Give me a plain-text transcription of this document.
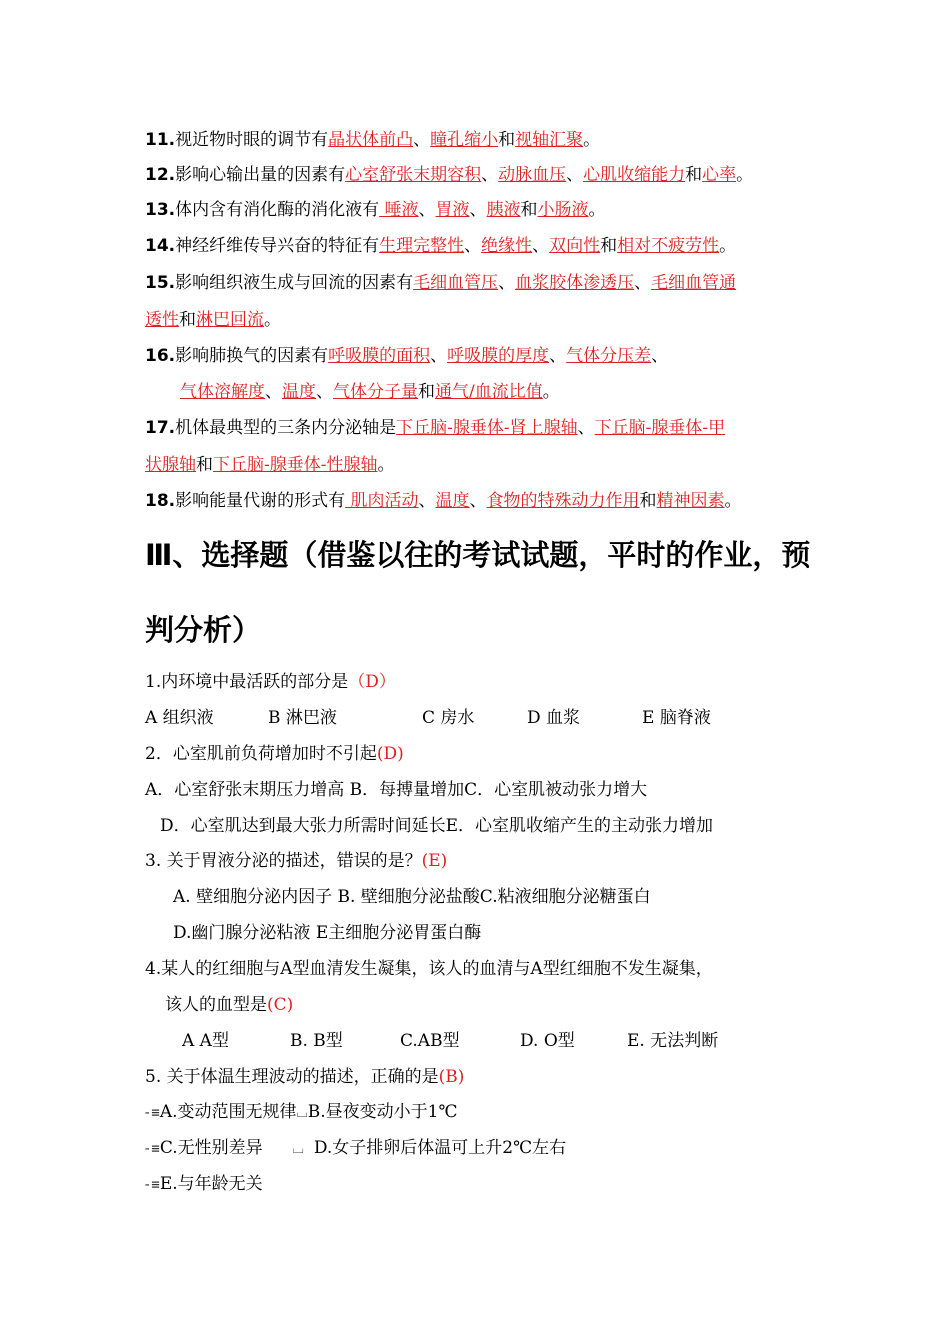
11.视近物时眼的调节有晶状体前凸、瞳孔缩小和视轴汇聚。
12.影响心输出量的因素有心室舒张末期容积、动脉血压、心肌收缩能力和心率。
13.体内含有消化酶的消化液有 唾液、胃液、胰液和小肠液。
14.神经纤维传导兴奋的特征有生理完整性、绝缘性、双向性和相对不疲劳性。
15.影响组织液生成与回流的因素有毛细血管压、血浆胶体渗透压、毛细血管通
透性和淋巴回流。
16.影响肺换气的因素有呼吸膜的面积、呼吸膜的厚度、气体分压差、
气体溶解度、温度、气体分子量和通气/血流比值。
17.机体最典型的三条内分泌轴是下丘脑-腺垂体-肾上腺轴、下丘脑-腺垂体-甲
状腺轴和下丘脑-腺垂体-性腺轴。
18.影响能量代谢的形式有 肌肉活动、温度、食物的特殊动力作用和精神因素。
Ⅲ、选择题（借鉴以往的考试试题，平时的作业，预
判分析）
1.内环境中最活跃的部分是（D）
A 组织液	B 淋巴液	C 房水	D 血浆	E 脑脊液
2．心室肌前负荷增加时不引起(D)
A．心室舒张末期压力增高 B．每搏量增加C．心室肌被动张力增大
D．心室肌达到最大张力所需时间延长E．心室肌收缩产生的主动张力增加
3. 关于胃液分泌的描述，错误的是？(E)
A. 壁细胞分泌内因子 B. 壁细胞分泌盐酸C.粘液细胞分泌糖蛋白
D.幽门腺分泌粘液 E主细胞分泌胃蛋白酶
4.某人的红细胞与A型血清发生凝集，该人的血清与A型红细胞不发生凝集，
该人的血型是(C)
A A型	B. B型	C.AB型	D. O型	E. 无法判断
5. 关于体温生理波动的描述，正确的是(B)
-≡A.变动范围无规律⌴B.昼夜变动小于1℃
-≡C.无性别差异 ⌴ D.女子排卵后体温可上升2℃左右
-≡E.与年龄无关
